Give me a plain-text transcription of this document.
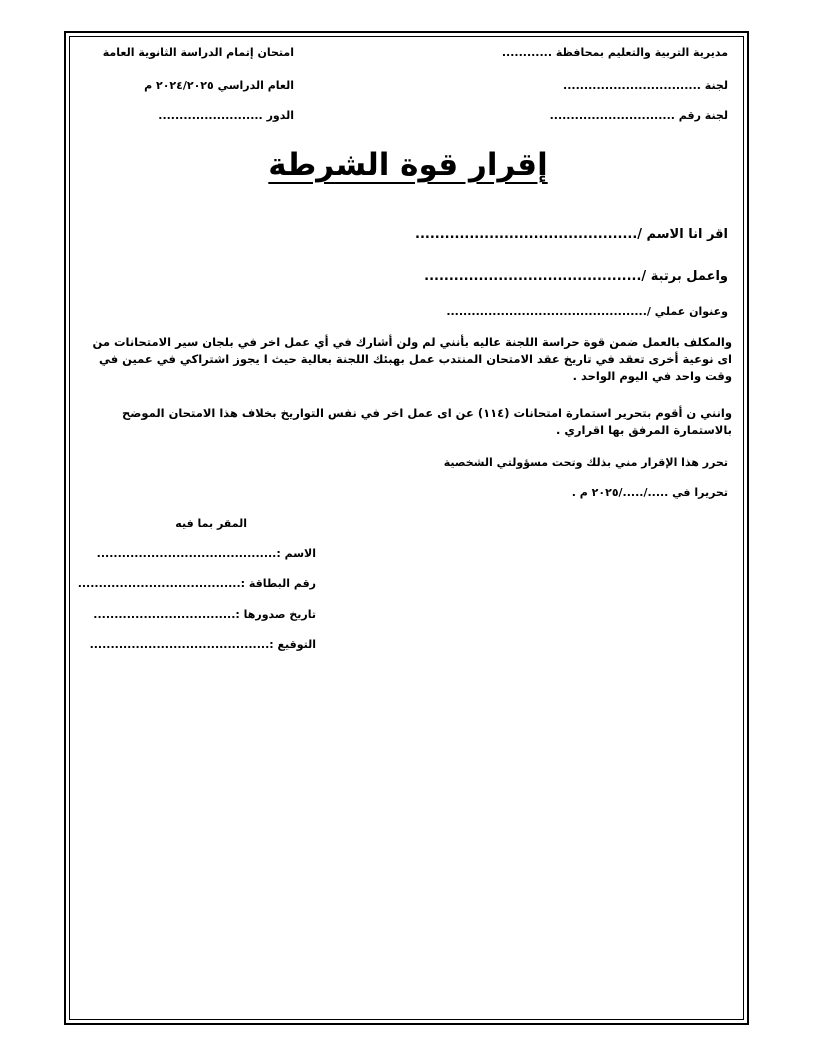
مديرية التربية والتعليم بمحافظة ............
لجنة .................................
لجنة رقم ..............................
امتحان إتمام الدراسة الثانوية العامة
العام الدراسي ٢٠٢٤/٢٠٢٥ م
الدور .........................
إقرار قوة الشرطة
اقر انا الاسم /.............................................
واعمل برتبة /............................................
وعنوان عملي /................................................

والمكلف بالعمل ضمن قوة حراسة اللجنة عاليه بأنني لم ولن أشارك في أي عمل اخر في بلجان سير الامتحانات من اى نوعية أخرى تعقد في تاريخ عقد الامتحان المنتدب عمل بهبئك اللجنة بعالية حيث ا يجوز اشتراكي في عمين في وقت واحد في اليوم الواحد .

وانني ن أقوم بتحرير استمارة امتحانات (١١٤) عن اى عمل اخر في نفس التواريخ بخلاف هذا الامتحان الموضح بالاستمارة المرفق بها اقراري .

تحرر هذا الإقرار مني بذلك وتحت مسؤولتي الشخصية
تحريرا في ...../...../٢٠٢٥ م .
المقر بما فيه
الاسم :...........................................
رقم البطاقة :.......................................
تاريخ صدورها :..................................
التوقيع :...........................................
